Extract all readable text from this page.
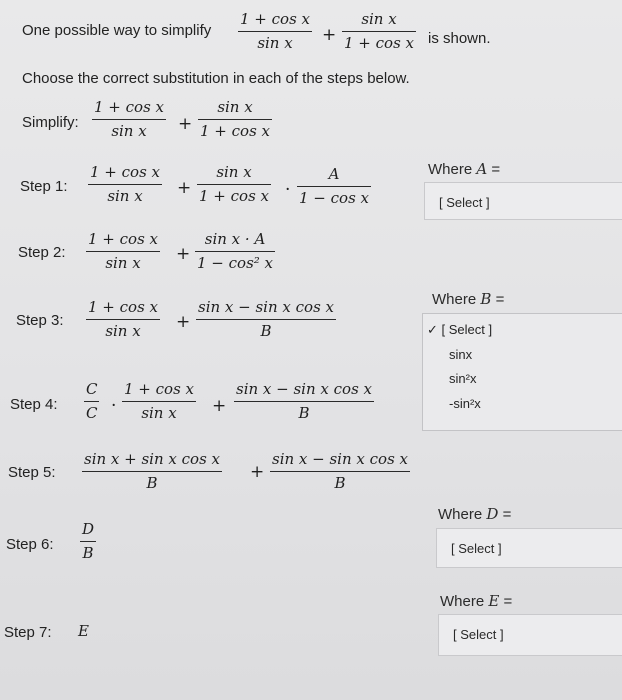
One possible way to simplify
1 + cos x
sin x +
sin x
1 + cos x is shown.
Choose the correct substitution in each of the steps below.
Simplify:
1 + cos x
sin x +
sin x
1 + cos x
Step 1:
1 + cos x
sin x +
sin x
1 + cos x ·
A
1 − cos x
Where A =
[ Select ]
Step 2:
1 + cos x
sin x +
sin x · A
1 − cos² x
Where B =
✓ [ Select ]
sinx
sin²x
-sin²x
Step 3:
1 + cos x
sin x +
sin x − sin x cos x
B
Step 4:
C
C ·
1 + cos x
sin x +
sin x − sin x cos x
B
Step 5:
sin x + sin x cos x
B
+
sin x − sin x cos x
B
Where D =
[ Select ]
Step 6:
D
B
Where E =
[ Select ]
Step 7: E
